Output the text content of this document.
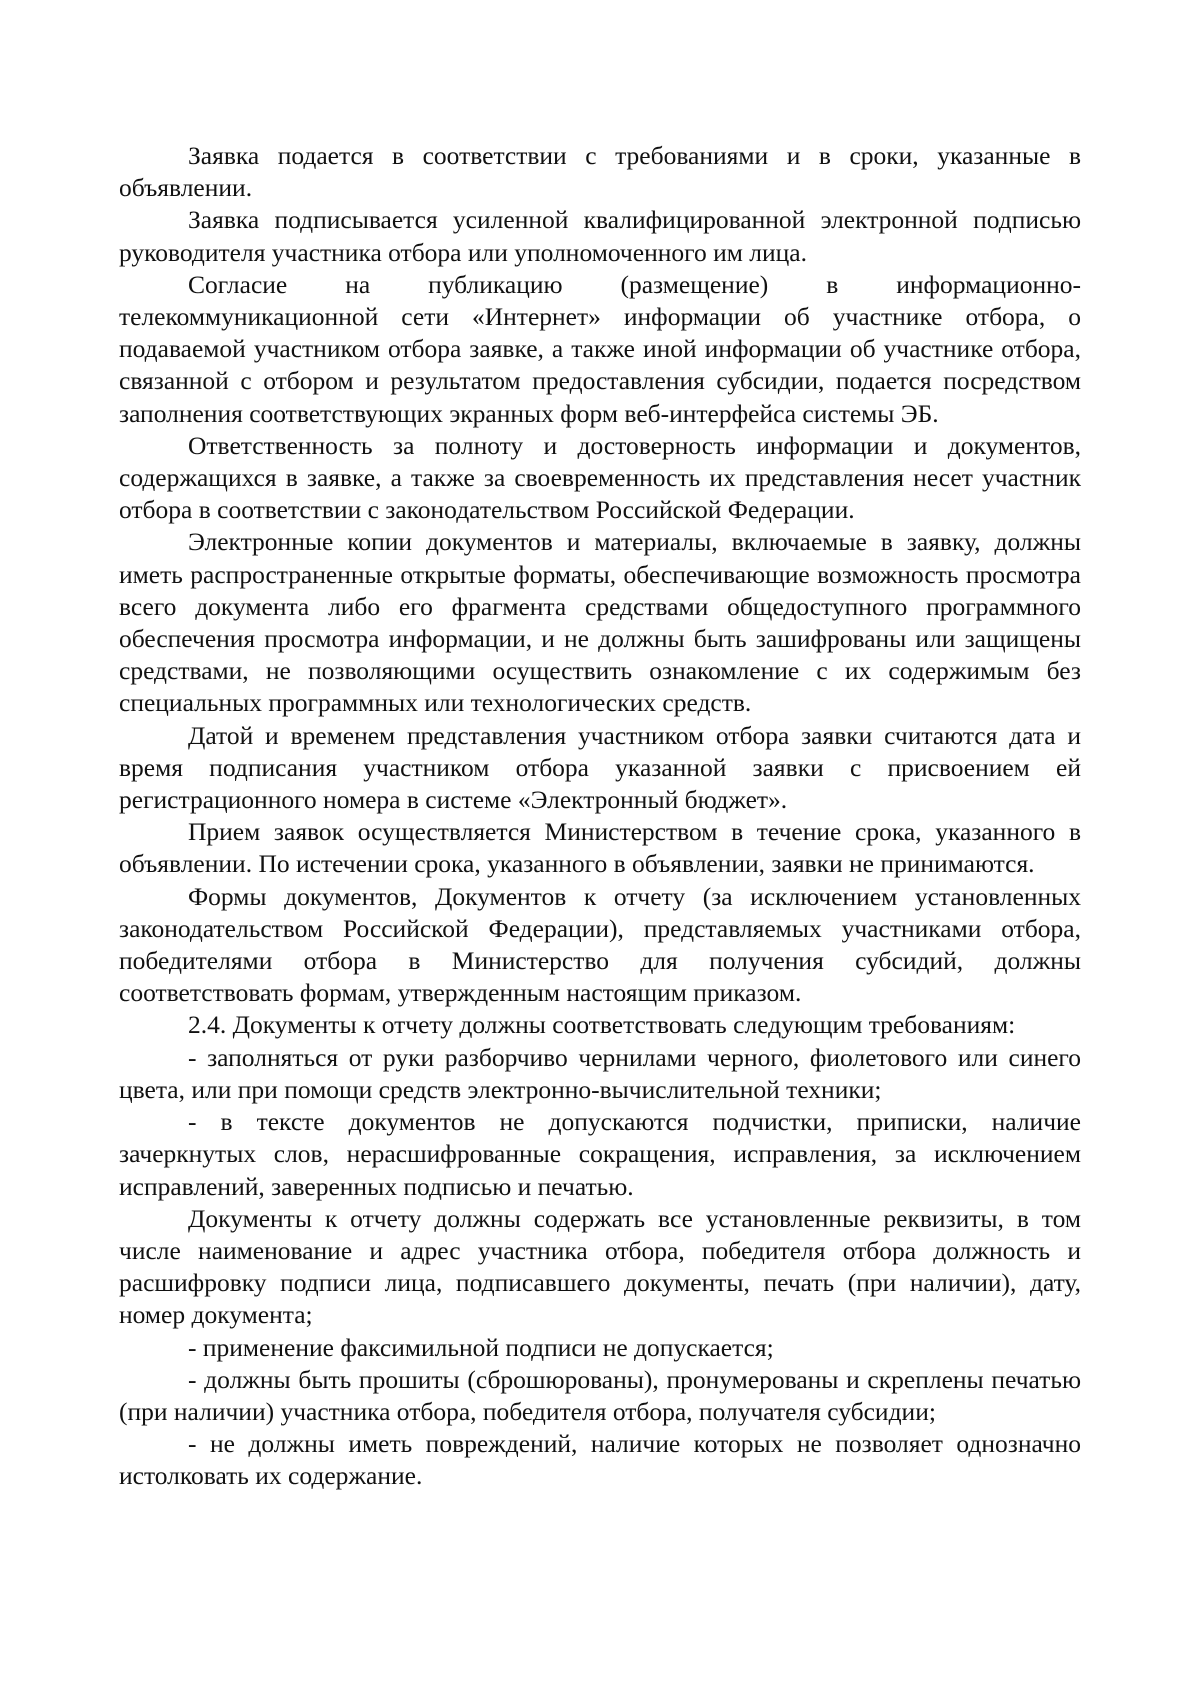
Заявка подается в соответствии с требованиями и в сроки, указанные в объявлении.

Заявка подписывается усиленной квалифицированной электронной подписью руководителя участника отбора или уполномоченного им лица.

Согласие на публикацию (размещение) в информационно-телекоммуникационной сети «Интернет» информации об участнике отбора, о подаваемой участником отбора заявке, а также иной информации об участнике отбора, связанной с отбором и результатом предоставления субсидии, подается посредством заполнения соответствующих экранных форм веб-интерфейса системы ЭБ.

Ответственность за полноту и достоверность информации и документов, содержащихся в заявке, а также за своевременность их представления несет участник отбора в соответствии с законодательством Российской Федерации.

Электронные копии документов и материалы, включаемые в заявку, должны иметь распространенные открытые форматы, обеспечивающие возможность просмотра всего документа либо его фрагмента средствами общедоступного программного обеспечения просмотра информации, и не должны быть зашифрованы или защищены средствами, не позволяющими осуществить ознакомление с их содержимым без специальных программных или технологических средств.

Датой и временем представления участником отбора заявки считаются дата и время подписания участником отбора указанной заявки с присвоением ей регистрационного номера в системе «Электронный бюджет».

Прием заявок осуществляется Министерством в течение срока, указанного в объявлении. По истечении срока, указанного в объявлении, заявки не принимаются.

Формы документов, Документов к отчету (за исключением установленных законодательством Российской Федерации), представляемых участниками отбора, победителями отбора в Министерство для получения субсидий, должны соответствовать формам, утвержденным настоящим приказом.

2.4. Документы к отчету должны соответствовать следующим требованиям:

- заполняться от руки разборчиво чернилами черного, фиолетового или синего цвета, или при помощи средств электронно-вычислительной техники;

- в тексте документов не допускаются подчистки, приписки, наличие зачеркнутых слов, нерасшифрованные сокращения, исправления, за исключением исправлений, заверенных подписью и печатью.

Документы к отчету должны содержать все установленные реквизиты, в том числе наименование и адрес участника отбора, победителя отбора должность и расшифровку подписи лица, подписавшего документы, печать (при наличии), дату, номер документа;

- применение факсимильной подписи не допускается;

- должны быть прошиты (сброшюрованы), пронумерованы и скреплены печатью (при наличии) участника отбора, победителя отбора, получателя субсидии;

- не должны иметь повреждений, наличие которых не позволяет однозначно истолковать их содержание.
